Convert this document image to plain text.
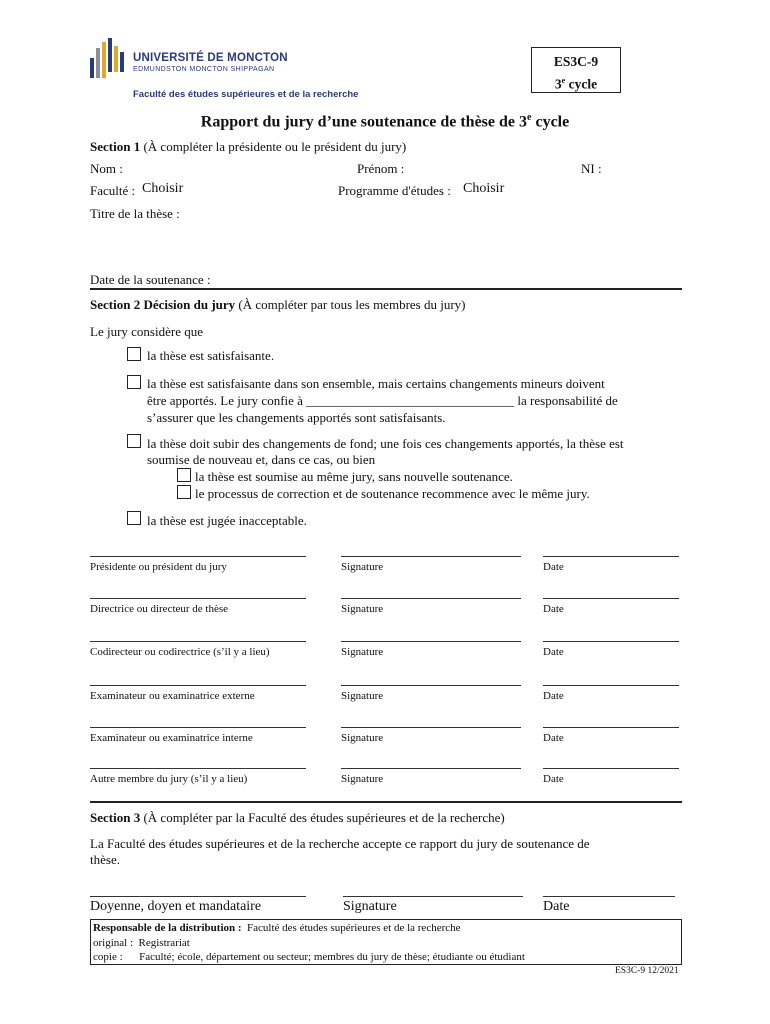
UNIVERSITÉ DE MONCTON
EDMUNDSTON MONCTON SHIPPAGAN
Faculté des études supérieures et de la recherche
ES3C-9
3e cycle
Rapport du jury d’une soutenance de thèse de 3e cycle
Section 1 (À compléter la présidente ou le président du jury)
Nom :	Prénom :	NI :
Faculté : Choisir	Programme d'études : Choisir
Titre de la thèse :
Date de la soutenance :
Section 2 Décision du jury (À compléter par tous les membres du jury)
Le jury considère que
la thèse est satisfaisante.
la thèse est satisfaisante dans son ensemble, mais certains changements mineurs doivent
être apportés. Le jury confie à ________________________________ la responsabilité de
s’assurer que les changements apportés sont satisfaisants.
la thèse doit subir des changements de fond; une fois ces changements apportés, la thèse est
soumise de nouveau et, dans ce cas, ou bien
la thèse est soumise au même jury, sans nouvelle soutenance.
le processus de correction et de soutenance recommence avec le même jury.
la thèse est jugée inacceptable.
Présidente ou président du jury	Signature	Date
Directrice ou directeur de thèse	Signature	Date
Codirecteur ou codirectrice (s’il y a lieu)	Signature	Date
Examinateur ou examinatrice externe	Signature	Date
Examinateur ou examinatrice interne	Signature	Date
Autre membre du jury (s’il y a lieu)	Signature	Date
Section 3 (À compléter par la Faculté des études supérieures et de la recherche)
La Faculté des études supérieures et de la recherche accepte ce rapport du jury de soutenance de
thèse.
Doyenne, doyen et mandataire	Signature	Date
Responsable de la distribution : Faculté des études supérieures et de la recherche
original : Registrariat
copie : Faculté; école, département ou secteur; membres du jury de thèse; étudiante ou étudiant
ES3C-9 12/2021
